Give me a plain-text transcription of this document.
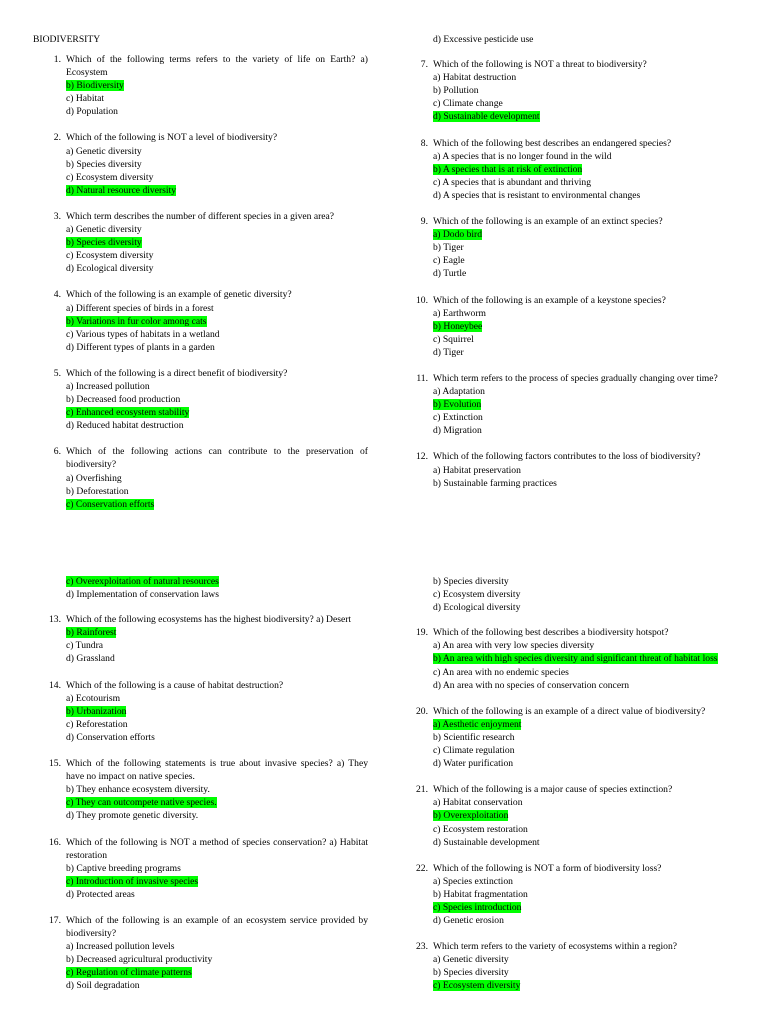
BIODIVERSITY
1. Which of the following terms refers to the variety of life on Earth? a) Ecosystem
b) Biodiversity
c) Habitat
d) Population
2. Which of the following is NOT a level of biodiversity?
a) Genetic diversity
b) Species diversity
c) Ecosystem diversity
d) Natural resource diversity
3. Which term describes the number of different species in a given area?
a) Genetic diversity
b) Species diversity
c) Ecosystem diversity
d) Ecological diversity
4. Which of the following is an example of genetic diversity?
a) Different species of birds in a forest
b) Variations in fur color among cats
c) Various types of habitats in a wetland
d) Different types of plants in a garden
5. Which of the following is a direct benefit of biodiversity?
a) Increased pollution
b) Decreased food production
c) Enhanced ecosystem stability
d) Reduced habitat destruction
6. Which of the following actions can contribute to the preservation of biodiversity?
a) Overfishing
b) Deforestation
c) Conservation efforts
d) Excessive pesticide use
7. Which of the following is NOT a threat to biodiversity?
a) Habitat destruction
b) Pollution
c) Climate change
d) Sustainable development
8. Which of the following best describes an endangered species?
a) A species that is no longer found in the wild
b) A species that is at risk of extinction
c) A species that is abundant and thriving
d) A species that is resistant to environmental changes
9. Which of the following is an example of an extinct species?
a) Dodo bird
b) Tiger
c) Eagle
d) Turtle
10. Which of the following is an example of a keystone species?
a) Earthworm
b) Honeybee
c) Squirrel
d) Tiger
11. Which term refers to the process of species gradually changing over time?
a) Adaptation
b) Evolution
c) Extinction
d) Migration
12. Which of the following factors contributes to the loss of biodiversity?
a) Habitat preservation
b) Sustainable farming practices
c) Overexploitation of natural resources
d) Implementation of conservation laws
13. Which of the following ecosystems has the highest biodiversity? a) Desert
b) Rainforest
c) Tundra
d) Grassland
14. Which of the following is a cause of habitat destruction?
a) Ecotourism
b) Urbanization
c) Reforestation
d) Conservation efforts
15. Which of the following statements is true about invasive species? a) They have no impact on native species.
b) They enhance ecosystem diversity.
c) They can outcompete native species.
d) They promote genetic diversity.
16. Which of the following is NOT a method of species conservation? a) Habitat restoration
b) Captive breeding programs
c) Introduction of invasive species
d) Protected areas
17. Which of the following is an example of an ecosystem service provided by biodiversity?
a) Increased pollution levels
b) Decreased agricultural productivity
c) Regulation of climate patterns
d) Soil degradation
b) Species diversity
c) Ecosystem diversity
d) Ecological diversity
19. Which of the following best describes a biodiversity hotspot?
a) An area with very low species diversity
b) An area with high species diversity and significant threat of habitat loss
c) An area with no endemic species
d) An area with no species of conservation concern
20. Which of the following is an example of a direct value of biodiversity?
a) Aesthetic enjoyment
b) Scientific research
c) Climate regulation
d) Water purification
21. Which of the following is a major cause of species extinction?
a) Habitat conservation
b) Overexploitation
c) Ecosystem restoration
d) Sustainable development
22. Which of the following is NOT a form of biodiversity loss?
a) Species extinction
b) Habitat fragmentation
c) Species introduction
d) Genetic erosion
23. Which term refers to the variety of ecosystems within a region?
a) Genetic diversity
b) Species diversity
c) Ecosystem diversity
